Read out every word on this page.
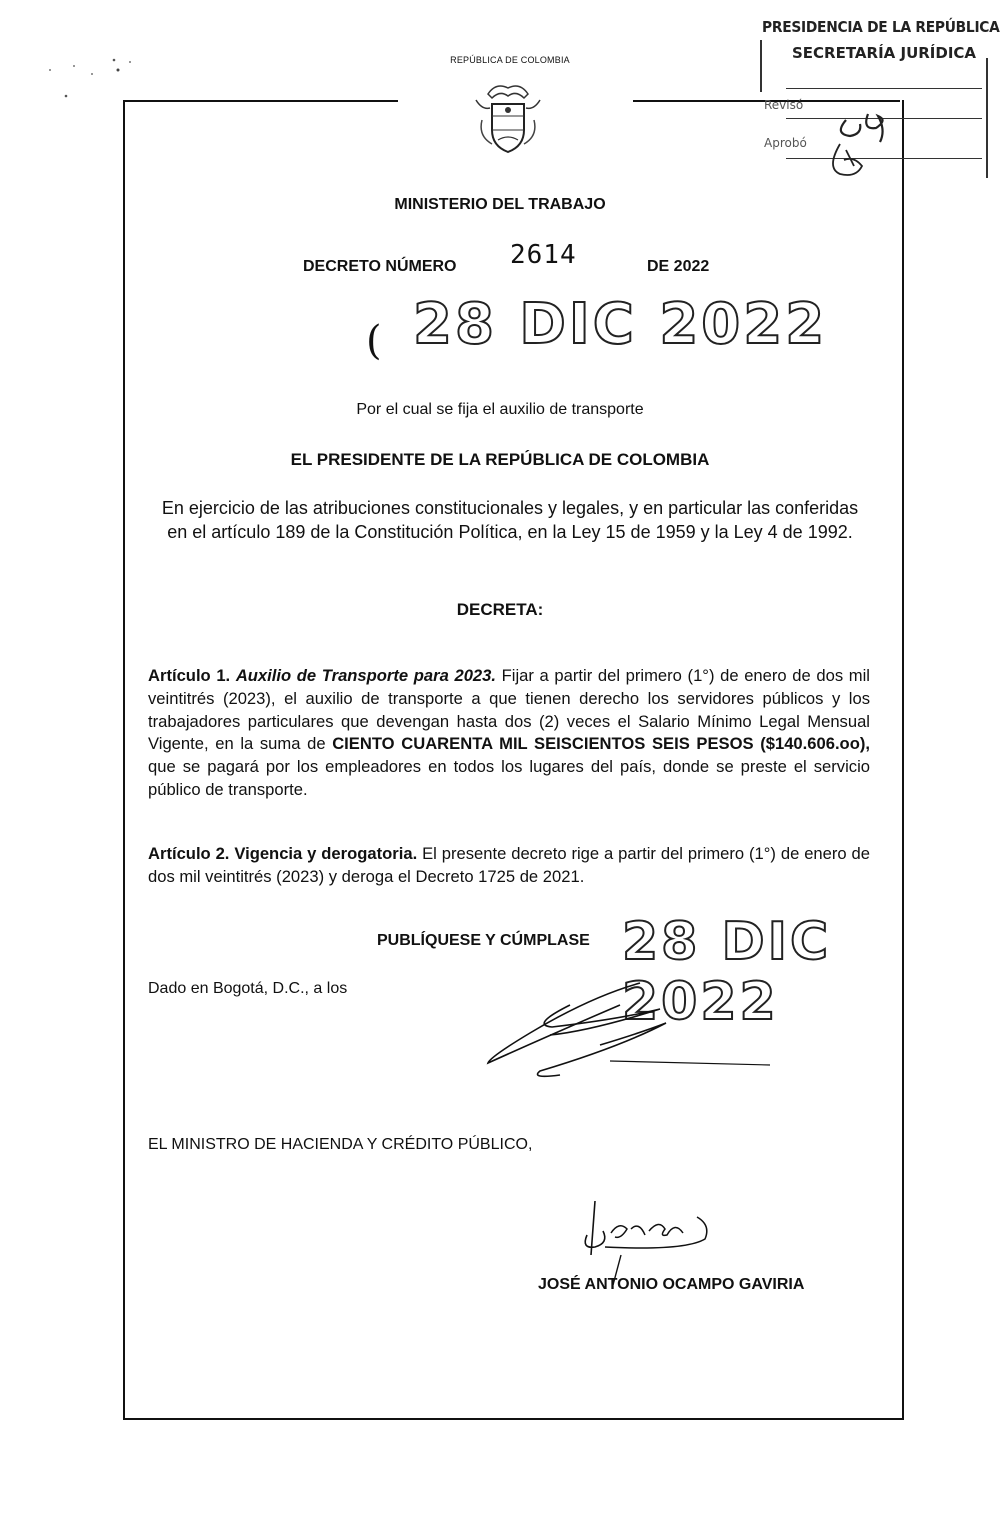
REPÚBLICA DE COLOMBIA
PRESIDENCIA DE LA REPÚBLICA
SECRETARÍA JURÍDICA
Revisó
Aprobó
MINISTERIO DEL TRABAJO
DECRETO NÚMERO 2614	DE 2022
( 28 DIC 2022
Por el cual se fija el auxilio de transporte
EL PRESIDENTE DE LA REPÚBLICA DE COLOMBIA
En ejercicio de las atribuciones constitucionales y legales, y en particular las conferidas en el artículo 189 de la Constitución Política, en la Ley 15 de 1959 y la Ley 4 de 1992.
DECRETA:
Artículo 1. Auxilio de Transporte para 2023. Fijar a partir del primero (1°) de enero de dos mil veintitrés (2023), el auxilio de transporte a que tienen derecho los servidores públicos y los trabajadores particulares que devengan hasta dos (2) veces el Salario Mínimo Legal Mensual Vigente, en la suma de CIENTO CUARENTA MIL SEISCIENTOS SEIS PESOS ($140.606.oo), que se pagará por los empleadores en todos los lugares del país, donde se preste el servicio público de transporte.
Artículo 2. Vigencia y derogatoria. El presente decreto rige a partir del primero (1°) de enero de dos mil veintitrés (2023) y deroga el Decreto 1725 de 2021.
PUBLÍQUESE Y CÚMPLASE 28 DIC 2022
Dado en Bogotá, D.C., a los
EL MINISTRO DE HACIENDA Y CRÉDITO PÚBLICO,
JOSÉ ANTONIO OCAMPO GAVIRIA
